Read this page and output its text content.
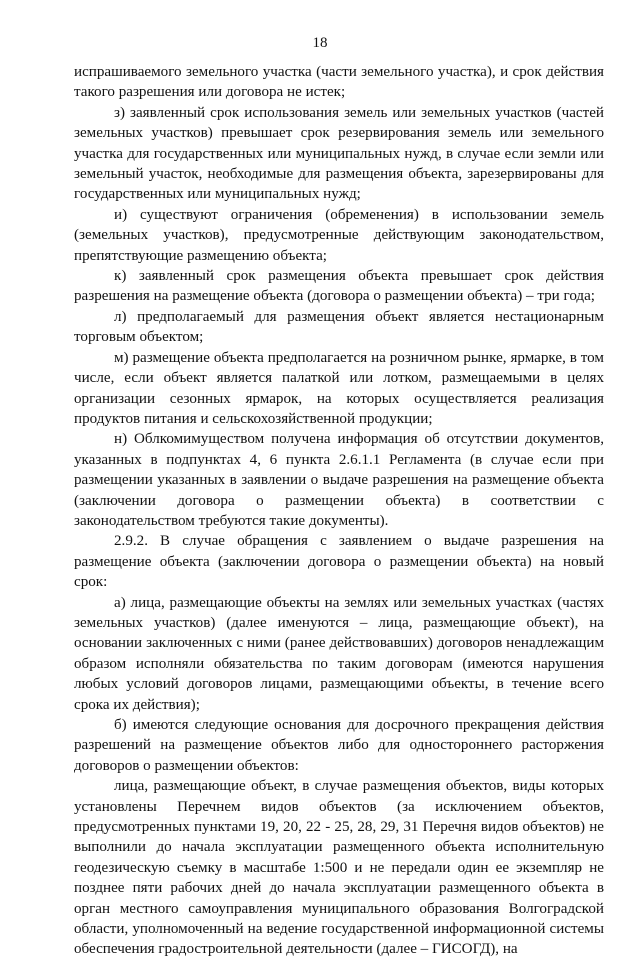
18

испрашиваемого земельного участка (части земельного участка), и срок действия такого разрешения или договора не истек;

з) заявленный срок использования земель или земельных участков (частей земельных участков) превышает срок резервирования земель или земельного участка для государственных или муниципальных нужд, в случае если земли или земельный участок, необходимые для размещения объекта, зарезервированы для государственных или муниципальных нужд;

и) существуют ограничения (обременения) в использовании земель (земельных участков), предусмотренные действующим законодательством, препятствующие размещению объекта;

к) заявленный срок размещения объекта превышает срок действия разрешения на размещение объекта (договора о размещении объекта) – три года;

л) предполагаемый для размещения объект является нестационарным торговым объектом;

м) размещение объекта предполагается на розничном рынке, ярмарке, в том числе, если объект является палаткой или лотком, размещаемыми в целях организации сезонных ярмарок, на которых осуществляется реализация продуктов питания и сельскохозяйственной продукции;

н) Облкомимуществом получена информация об отсутствии документов, указанных в подпунктах 4, 6 пункта 2.6.1.1 Регламента (в случае если при размещении указанных в заявлении о выдаче разрешения на размещение объекта (заключении договора о размещении объекта) в соответствии с законодательством требуются такие документы).

2.9.2. В случае обращения с заявлением о выдаче разрешения на размещение объекта (заключении договора о размещении объекта) на новый срок:

а) лица, размещающие объекты на землях или земельных участках (частях земельных участков) (далее именуются – лица, размещающие объект), на основании заключенных с ними (ранее действовавших) договоров ненадлежащим образом исполняли обязательства по таким договорам (имеются нарушения любых условий договоров лицами, размещающими объекты, в течение всего срока их действия);

б) имеются следующие основания для досрочного прекращения действия разрешений на размещение объектов либо для одностороннего расторжения договоров о размещении объектов:

лица, размещающие объект, в случае размещения объектов, виды которых установлены Перечнем видов объектов (за исключением объектов, предусмотренных пунктами 19, 20, 22 - 25, 28, 29, 31 Перечня видов объектов) не выполнили до начала эксплуатации размещенного объекта исполнительную геодезическую съемку в масштабе 1:500 и не передали один ее экземпляр не позднее пяти рабочих дней до начала эксплуатации размещенного объекта в орган местного самоуправления муниципального образования Волгоградской области, уполномоченный на ведение государственной информационной системы обеспечения градостроительной деятельности (далее – ГИСОГД), на
